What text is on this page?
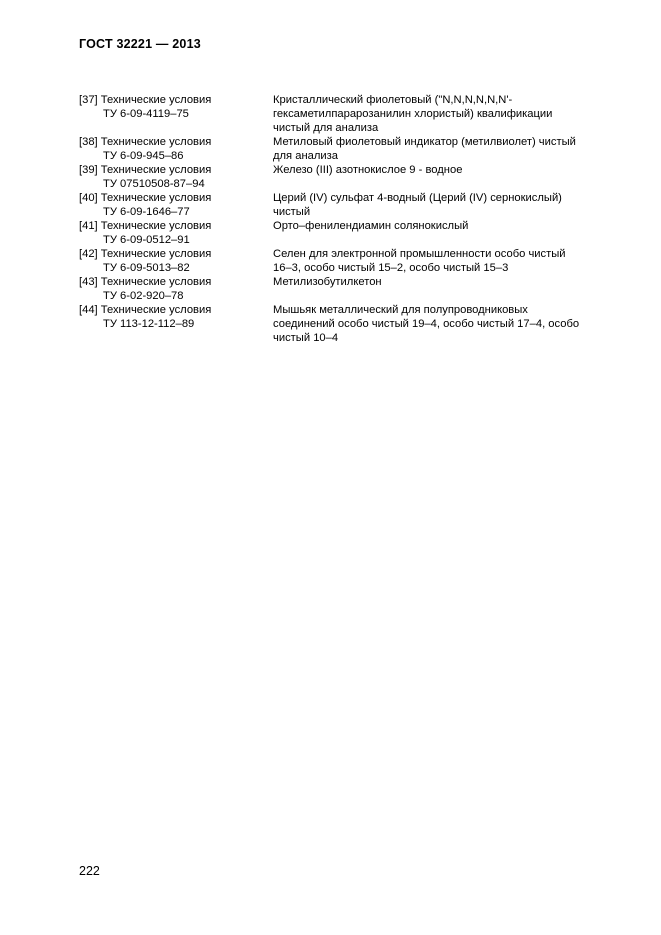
ГОСТ 32221 — 2013
[37] Технические условия
ТУ 6-09-4119–75
Кристаллический фиолетовый ("N,N,N,N,N,N'-
гексаметилпарарозанилин хлористый) квалификации
чистый для анализа
[38] Технические условия
ТУ 6-09-945–86
Метиловый фиолетовый индикатор (метилвиолет) чистый
для анализа
[39] Технические условия
ТУ 07510508-87–94
Железо (III) азотнокислое 9 - водное
[40] Технические условия
ТУ 6-09-1646–77
Церий (IV) сульфат 4-водный (Церий (IV) сернокислый)
чистый
[41] Технические условия
ТУ 6-09-0512–91
Орто–фенилендиамин солянокислый
[42] Технические условия
ТУ 6-09-5013–82
Селен для электронной промышленности особо чистый
16–3, особо чистый 15–2, особо чистый 15–3
[43] Технические условия
ТУ 6-02-920–78
Метилизобутилкетон
[44] Технические условия
ТУ 113-12-112–89
Мышьяк металлический для полупроводниковых
соединений особо чистый 19–4, особо чистый 17–4, особо
чистый 10–4
222
